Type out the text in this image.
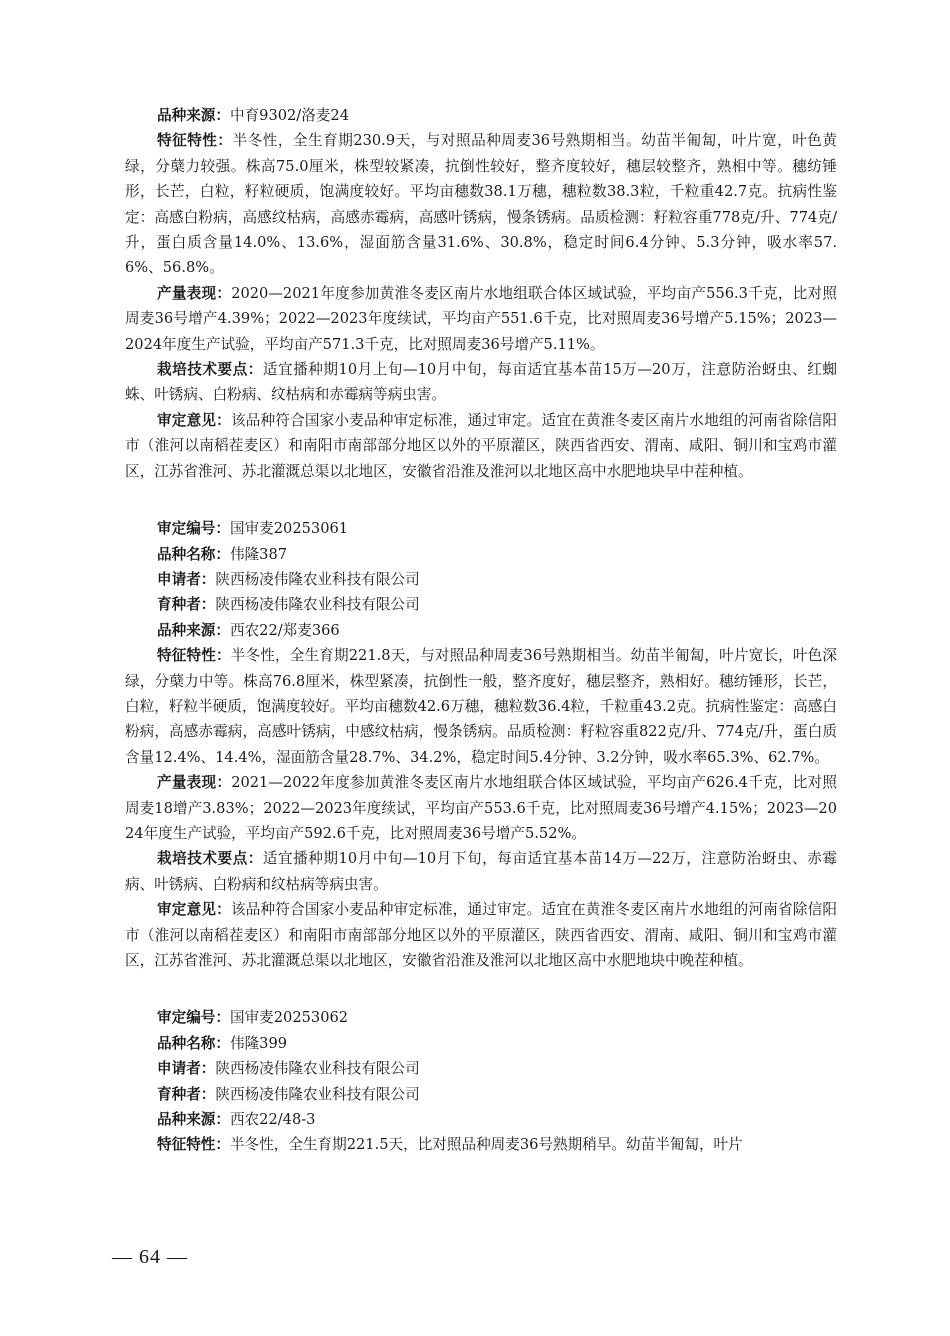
品种来源：中育9302/洛麦24

特征特性：半冬性，全生育期230.9天，与对照品种周麦36号熟期相当。幼苗半匍匐，叶片宽，叶色黄绿，分蘖力较强。株高75.0厘米，株型较紧凑，抗倒性较好，整齐度较好，穗层较整齐，熟相中等。穗纺锤形，长芒，白粒，籽粒硬质，饱满度较好。平均亩穗数38.1万穗，穗粒数38.3粒，千粒重42.7克。抗病性鉴定：高感白粉病，高感纹枯病，高感赤霉病，高感叶锈病，慢条锈病。品质检测：籽粒容重778克/升、774克/升，蛋白质含量14.0%、13.6%，湿面筋含量31.6%、30.8%，稳定时间6.4分钟、5.3分钟，吸水率57.6%、56.8%。

产量表现：2020—2021年度参加黄淮冬麦区南片水地组联合体区域试验，平均亩产556.3千克，比对照周麦36号增产4.39%；2022—2023年度续试，平均亩产551.6千克，比对照周麦36号增产5.15%；2023—2024年度生产试验，平均亩产571.3千克，比对照周麦36号增产5.11%。

栽培技术要点：适宜播种期10月上旬—10月中旬，每亩适宜基本苗15万—20万，注意防治蚜虫、红蜘蛛、叶锈病、白粉病、纹枯病和赤霉病等病虫害。

审定意见：该品种符合国家小麦品种审定标准，通过审定。适宜在黄淮冬麦区南片水地组的河南省除信阳市（淮河以南稻茬麦区）和南阳市南部部分地区以外的平原灌区，陕西省西安、渭南、咸阳、铜川和宝鸡市灌区，江苏省淮河、苏北灌溉总渠以北地区，安徽省沿淮及淮河以北地区高中水肥地块早中茬种植。

审定编号：国审麦20253061

品种名称：伟隆387

申请者：陕西杨凌伟隆农业科技有限公司

育种者：陕西杨凌伟隆农业科技有限公司

品种来源：西农22/郑麦366

特征特性：半冬性，全生育期221.8天，与对照品种周麦36号熟期相当。幼苗半匍匐，叶片宽长，叶色深绿，分蘖力中等。株高76.8厘米，株型紧凑，抗倒性一般，整齐度好，穗层整齐，熟相好。穗纺锤形，长芒，白粒，籽粒半硬质，饱满度较好。平均亩穗数42.6万穗，穗粒数36.4粒，千粒重43.2克。抗病性鉴定：高感白粉病，高感赤霉病，高感叶锈病，中感纹枯病，慢条锈病。品质检测：籽粒容重822克/升、774克/升，蛋白质含量12.4%、14.4%，湿面筋含量28.7%、34.2%，稳定时间5.4分钟、3.2分钟，吸水率65.3%、62.7%。

产量表现：2021—2022年度参加黄淮冬麦区南片水地组联合体区域试验，平均亩产626.4千克，比对照周麦18增产3.83%；2022—2023年度续试，平均亩产553.6千克，比对照周麦36号增产4.15%；2023—2024年度生产试验，平均亩产592.6千克，比对照周麦36号增产5.52%。

栽培技术要点：适宜播种期10月中旬—10月下旬，每亩适宜基本苗14万—22万，注意防治蚜虫、赤霉病、叶锈病、白粉病和纹枯病等病虫害。

审定意见：该品种符合国家小麦品种审定标准，通过审定。适宜在黄淮冬麦区南片水地组的河南省除信阳市（淮河以南稻茬麦区）和南阳市南部部分地区以外的平原灌区，陕西省西安、渭南、咸阳、铜川和宝鸡市灌区，江苏省淮河、苏北灌溉总渠以北地区，安徽省沿淮及淮河以北地区高中水肥地块中晚茬种植。

审定编号：国审麦20253062

品种名称：伟隆399

申请者：陕西杨凌伟隆农业科技有限公司

育种者：陕西杨凌伟隆农业科技有限公司

品种来源：西农22/48-3

特征特性：半冬性，全生育期221.5天，比对照品种周麦36号熟期稍早。幼苗半匍匐，叶片

— 64 —
